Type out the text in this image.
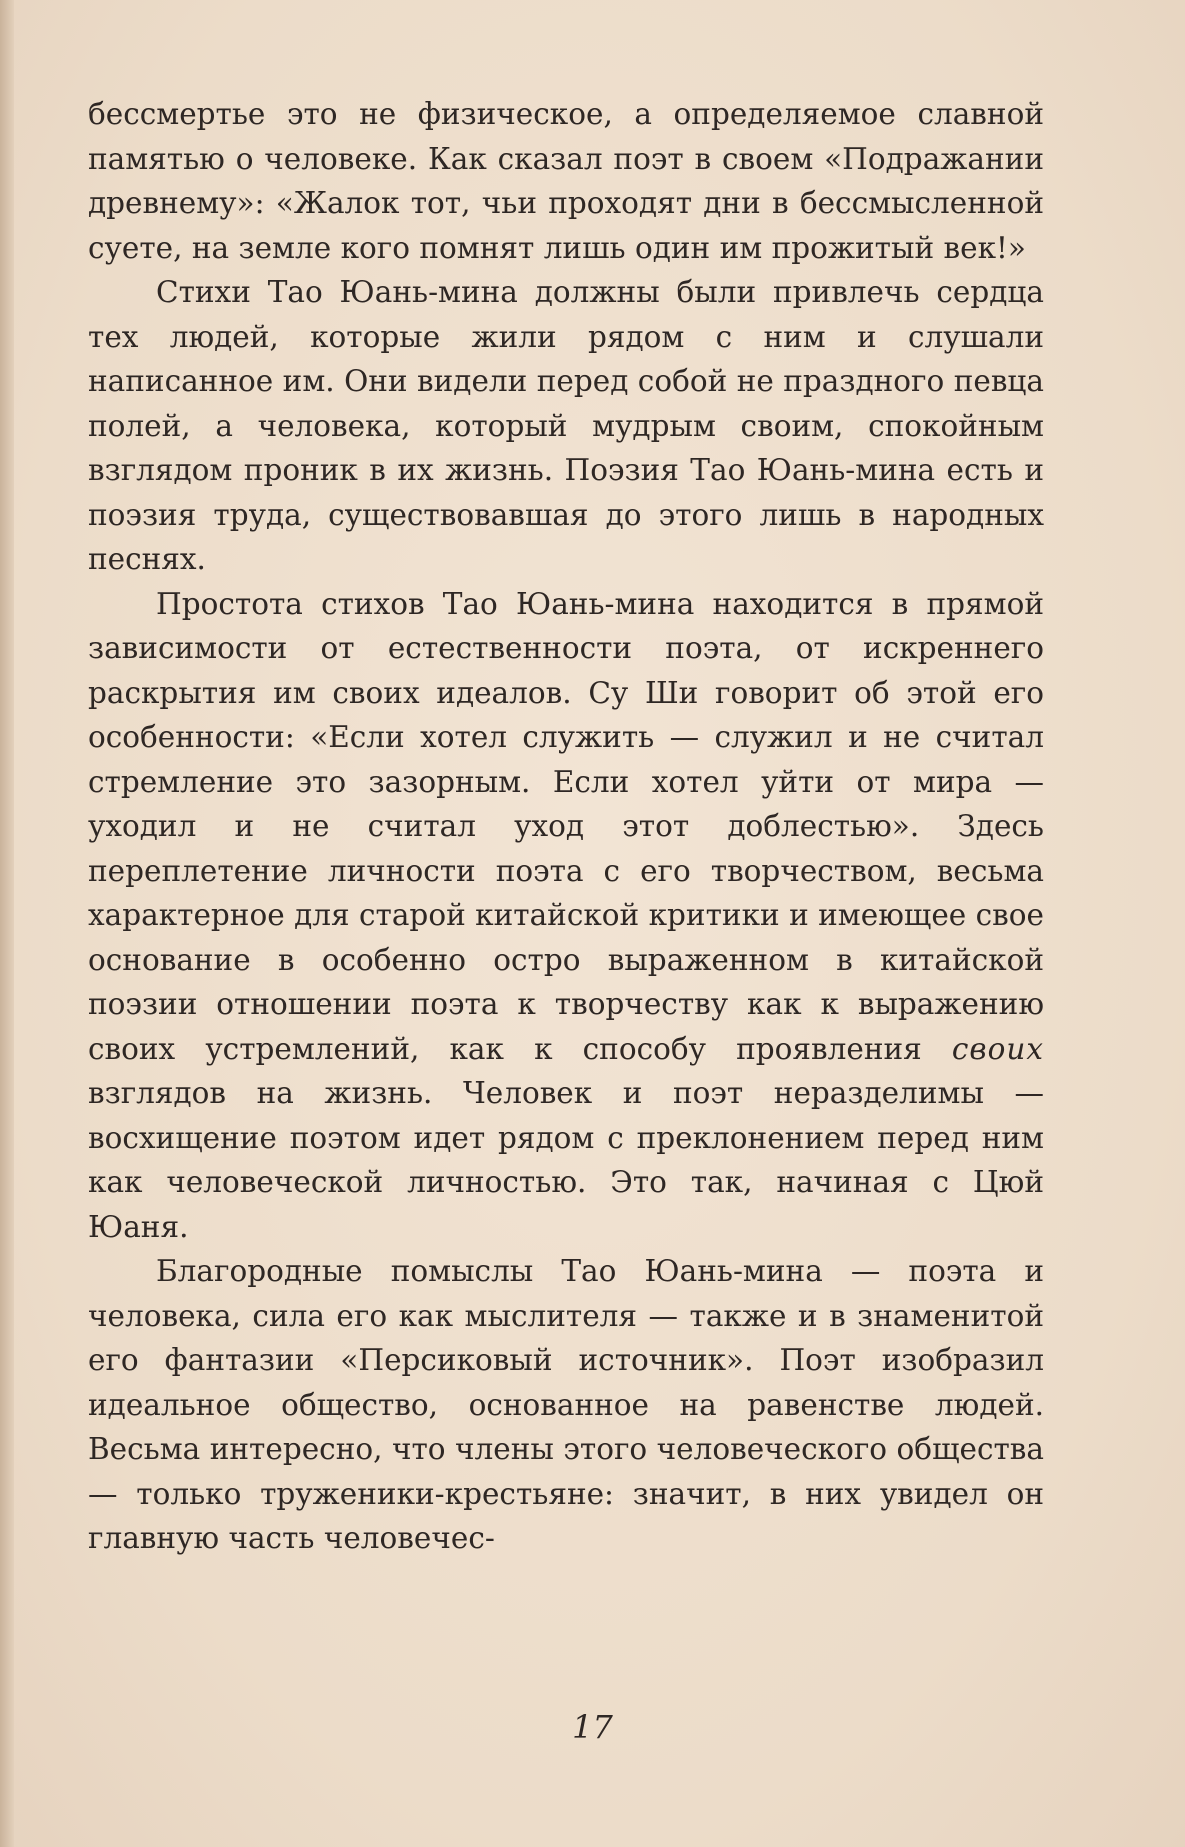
бессмертье это не физическое, а определяемое славной памятью о человеке. Как сказал поэт в своем «Подражании древнему»: «Жалок тот, чьи проходят дни в бессмысленной суете, на земле кого помнят лишь один им прожитый век!»

Стихи Тао Юань-мина должны были привлечь сердца тех людей, которые жили рядом с ним и слушали написанное им. Они видели перед собой не праздного певца полей, а человека, который мудрым своим, спокойным взглядом проник в их жизнь. Поэзия Тао Юань-мина есть и поэзия труда, существовавшая до этого лишь в народных песнях.

Простота стихов Тао Юань-мина находится в прямой зависимости от естественности поэта, от искреннего раскрытия им своих идеалов. Су Ши говорит об этой его особенности: «Если хотел служить — служил и не считал стремление это зазорным. Если хотел уйти от мира — уходил и не считал уход этот доблестью». Здесь переплетение личности поэта с его творчеством, весьма характерное для старой китайской критики и имеющее свое основание в особенно остро выраженном в китайской поэзии отношении поэта к творчеству как к выражению своих устремлений, как к способу проявления своих взглядов на жизнь. Человек и поэт неразделимы — восхищение поэтом идет рядом с преклонением перед ним как человеческой личностью. Это так, начиная с Цюй Юаня.

Благородные помыслы Тао Юань-мина — поэта и человека, сила его как мыслителя — также и в знаменитой его фантазии «Персиковый источник». Поэт изобразил идеальное общество, основанное на равенстве людей. Весьма интересно, что члены этого человеческого общества — только труженики-крестьяне: значит, в них увидел он главную часть человечес-

17
